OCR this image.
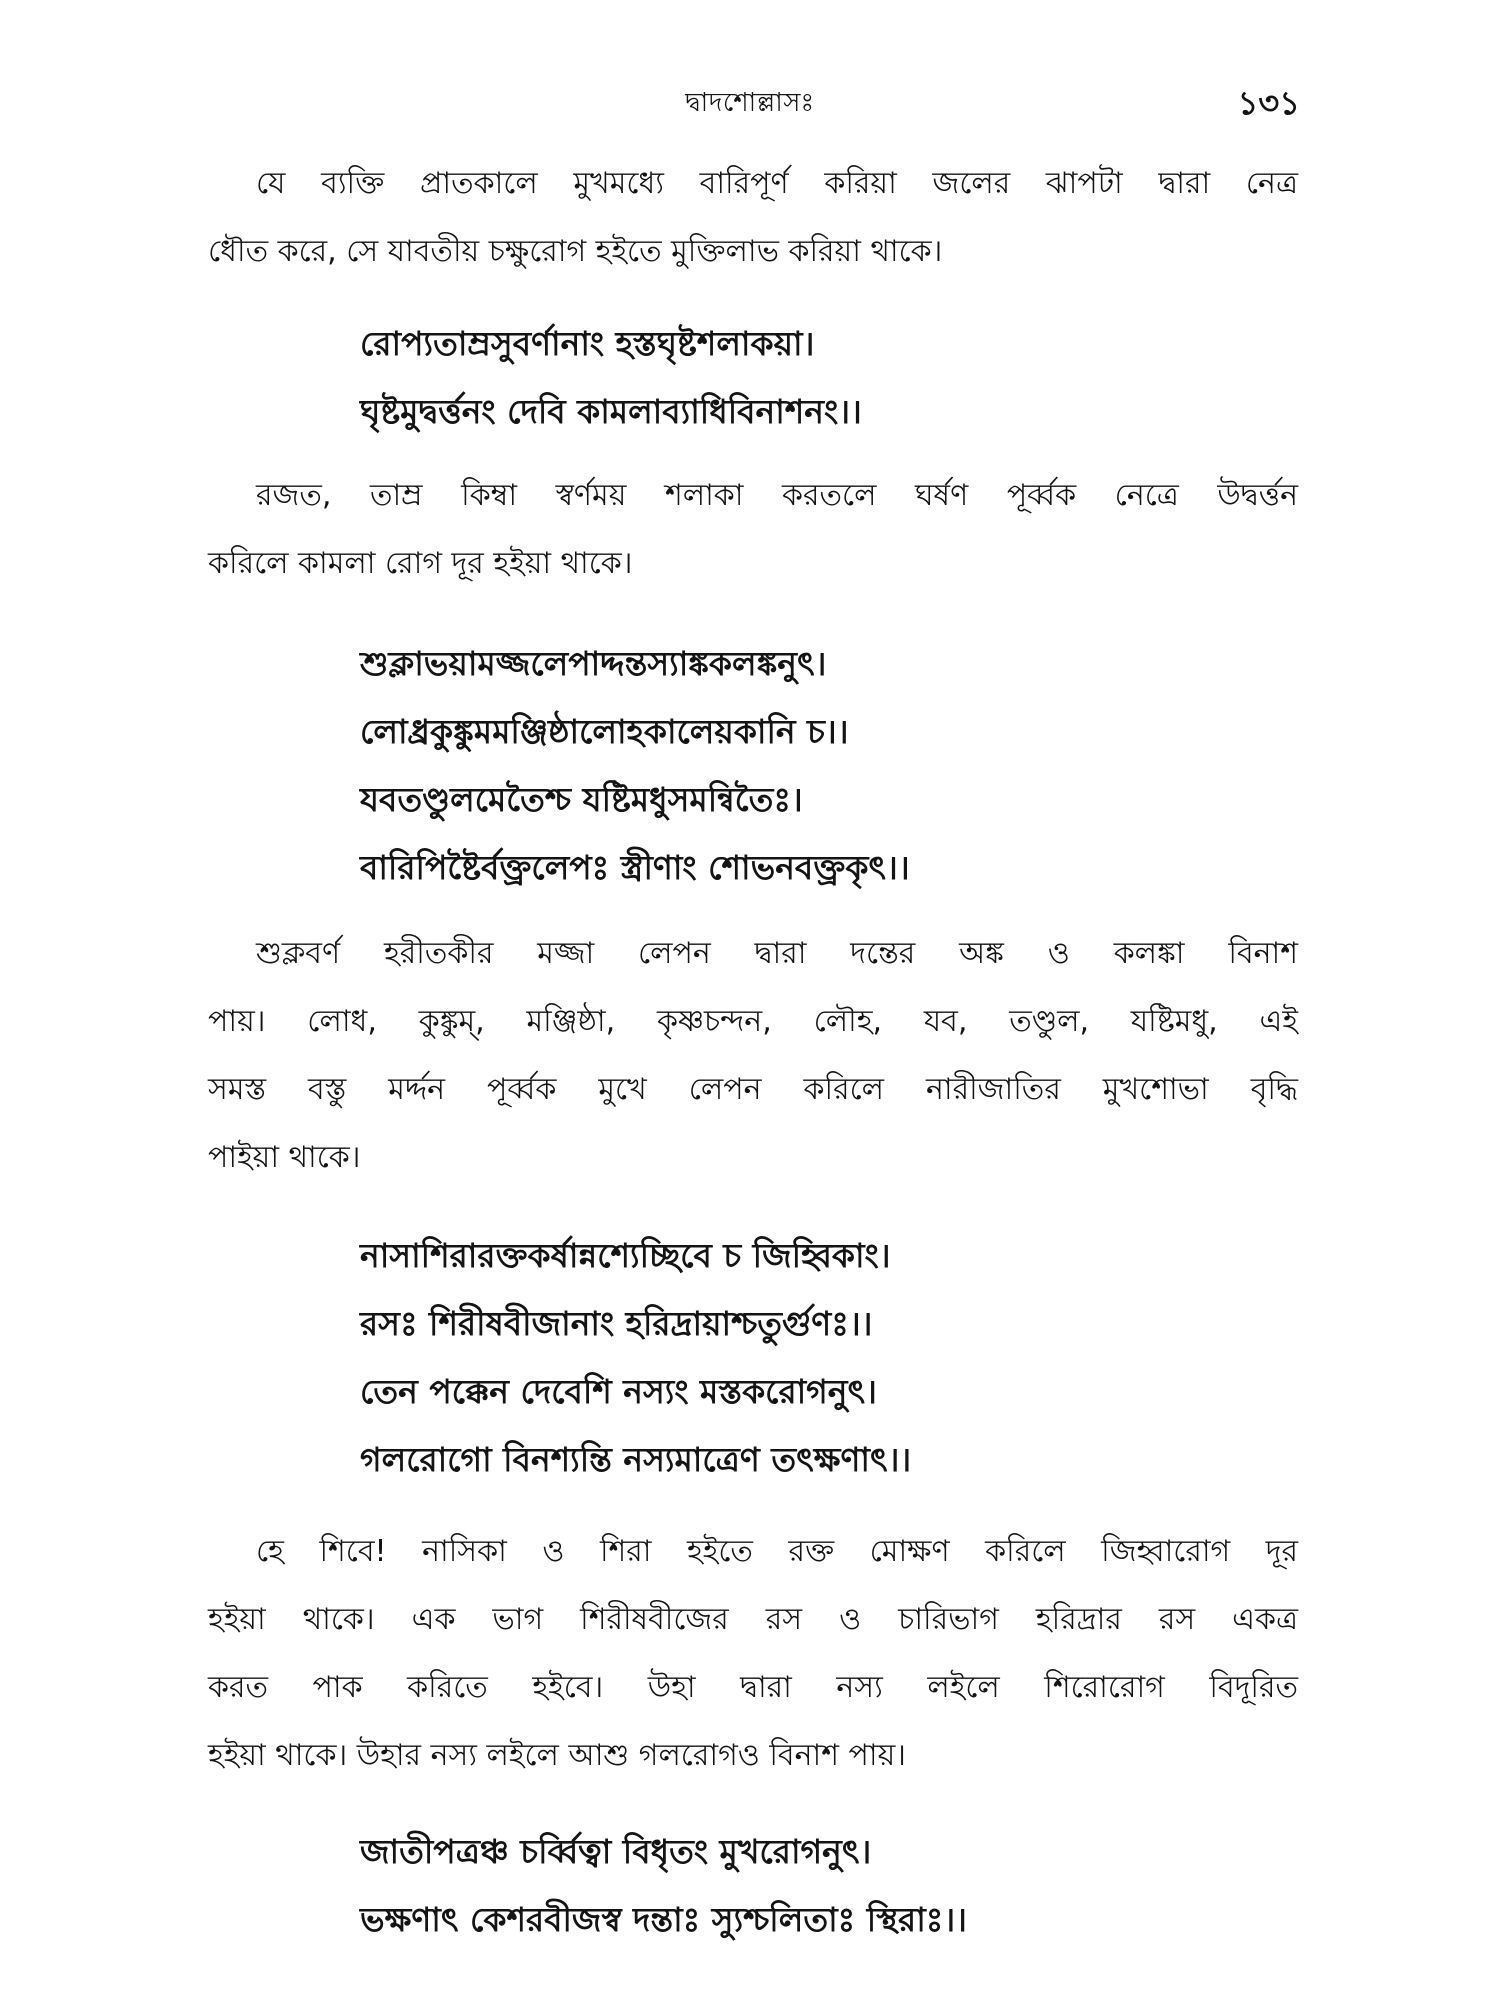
দ্বাদশোল্লাসঃ	১৩১
যে ব্যক্তি প্রাতকালে মুখমধ্যে বারিপূর্ণ করিয়া জলের ঝাপটা দ্বারা নেত্র
ধৌত করে, সে যাবতীয় চক্ষুরোগ হইতে মুক্তিলাভ করিয়া থাকে।
রোপ্যতাম্রসুবর্ণানাং হস্তঘৃষ্টশলাকয়া।
ঘৃষ্টমুদ্বর্ত্তনং দেবি কামলাব্যাধিবিনাশনং।।
রজত, তাম্র কিম্বা স্বর্ণময় শলাকা করতলে ঘর্ষণ পূর্ব্বক নেত্রে উদ্বর্ত্তন
করিলে কামলা রোগ দূর হইয়া থাকে।
শুক্লাভয়ামজ্জলেপাদ্দন্তস্যাঙ্ককলঙ্কনুৎ।
লোধ্রকুঙ্কুমমঞ্জিষ্ঠালোহকালেয়কানি চ।।
যবতণ্ডুলমেতৈশ্চ যষ্টিমধুসমন্বিতৈঃ।
বারিপিষ্টৈর্বক্ত্রলেপঃ স্ত্রীণাং শোভনবক্ত্রকৃৎ।।
শুক্লবর্ণ হরীতকীর মজ্জা লেপন দ্বারা দন্তের অঙ্ক ও কলঙ্কা বিনাশ
পায়। লোধ, কুঙ্কুম্, মঞ্জিষ্ঠা, কৃষ্ণচন্দন, লৌহ, যব, তণ্ডুল, যষ্টিমধু, এই
সমস্ত বস্তু মর্দ্দন পূর্ব্বক মুখে লেপন করিলে নারীজাতির মুখশোভা বৃদ্ধি
পাইয়া থাকে।
নাসাশিরারক্তকর্ষান্নশ্যেচ্ছিবে চ জিহ্বিকাং।
রসঃ শিরীষবীজানাং হরিদ্রায়াশ্চতুর্গুণঃ।।
তেন পক্কেন দেবেশি নস্যং মস্তকরোগনুৎ।
গলরোগো বিনশ্যন্তি নস্যমাত্রেণ তৎক্ষণাৎ।।
হে শিবে! নাসিকা ও শিরা হইতে রক্ত মোক্ষণ করিলে জিহ্বারোগ দূর
হইয়া থাকে। এক ভাগ শিরীষবীজের রস ও চারিভাগ হরিদ্রার রস একত্র
করত পাক করিতে হইবে। উহা দ্বারা নস্য লইলে শিরোরোগ বিদূরিত
হইয়া থাকে। উহার নস্য লইলে আশু গলরোগও বিনাশ পায়।
জাতীপত্রঞ্চ চর্ব্বিত্বা বিধৃতং মুখরোগনুৎ।
ভক্ষণাৎ কেশরবীজস্ব দন্তাঃ স্যুশ্চলিতাঃ স্থিরাঃ।।
